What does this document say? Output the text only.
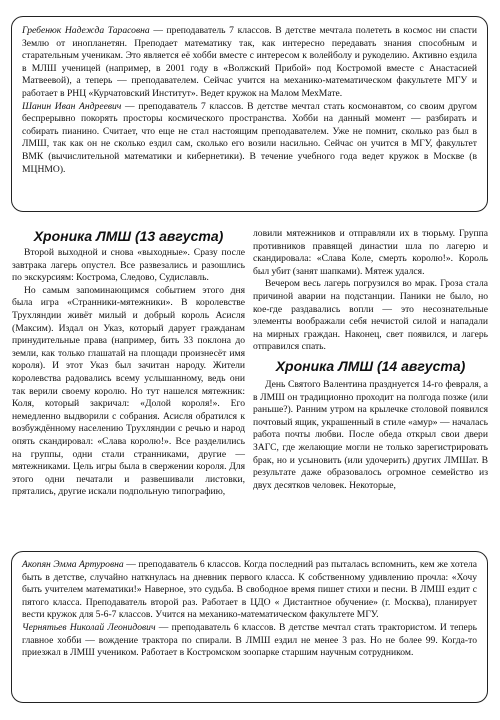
Гребенюк Надежда Тарасовна — преподаватель 7 классов. В детстве мечтала полететь в космос ни спасти Землю от инопланетян. Преподает математику так, как интересно передавать знания способным и старательным ученикам. Это является её хобби вместе с интересом к волейболу и рукоделию. Активно ездила в МЛШ ученицей (например, в 2001 году в «Волжский Прибой» под Костромой вместе с Анастасией Матвеевой), а теперь — преподавателем. Сейчас учится на механико-математическом факультете МГУ и работает в РНЦ «Курчатовский Институт». Ведет кружок на Малом МехМате.

Шанин Иван Андреевич — преподаватель 7 классов. В детстве мечтал стать космонавтом, со своим другом беспрерывно покорять просторы космического пространства. Хобби на данный момент — разбирать и собирать пианино. Считает, что еще не стал настоящим преподавателем. Уже не помнит, сколько раз был в ЛМШ, так как он не сколько ездил сам, сколько его возили насильно. Сейчас он учится в МГУ, факультет ВМК (вычислительной математики и кибернетики). В течение учебного года ведет кружок в Москве (в МЦНМО).

Хроника ЛМШ (13 августа)

Второй выходной и снова «выходные». Сразу после завтрака лагерь опустел. Все развезались и разошлись по экскурсиям: Кострома, Следово, Судиславль.

Но самым запоминающимся событием этого дня была игра «Странники-мятежники». В королевстве Трухляндии живёт милый и добрый король Асисля (Максим). Издал он Указ, который дарует гражданам принудительные права (например, бить 33 поклона до земли, как только глашатай на площади произнесёт имя короля). И этот Указ был зачитан народу. Жители королевства радовались всему услышанному, ведь они так верили своему королю. Но тут нашелся мятежник: Коля, который закричал: «Долой короля!». Его немедленно выдворили с собрания. Асисля обратился к возбуждённому населению Трухляндии с речью и народ опять скандировал: «Слава королю!». Все разделились на группы, одни стали странниками, другие — мятежниками. Цель игры была в свержении короля. Для этого одни печатали и развешивали листовки, прятались, другие искали подпольную типографию,

ловили мятежников и отправляли их в тюрьму. Группа противников правящей династии шла по лагерю и скандировала: «Слава Коле, смерть королю!». Король был убит (занят шапками). Мятеж удался.

Вечером весь лагерь погрузился во мрак. Гроза стала причиной аварии на подстанции. Паники не было, но кое-где раздавались вопли — это несознательные элементы воображали себя нечистой силой и нападали на мирных граждан. Наконец, свет появился, и лагерь отправился спать.

Хроника ЛМШ (14 августа)

День Святого Валентина празднуется 14-го февраля, а в ЛМШ он традиционно проходит на полгода позже (или раньше?). Ранним утром на крылечке столовой появился почтовый ящик, украшенный в стиле «амур» — началась работа почты любви. После обеда открыл свои двери ЗАГС, где желающие могли не только зарегистрировать брак, но и усыновить (или удочерить) других ЛМШат. В результате даже образовалось огромное семейство из двух десятков человек. Некоторые,

Акопян Эмма Артуровна — преподаватель 6 классов. Когда последний раз пыталась вспомнить, кем же хотела быть в детстве, случайно наткнулась на дневник первого класса. К собственному удивлению прочла: «Хочу быть учителем математики!» Наверное, это судьба. В свободное время пишет стихи и песни. В ЛМШ ездит с пятого класса. Преподаватель второй раз. Работает в ЦДО « Дистантное обучение» (г. Москва), планирует вести кружок для 5-6-7 классов. Учится на механико-математическом факультете МГУ.

Чернятьев Николай Леонидович — преподаватель 6 классов. В детстве мечтал стать трактористом. И теперь главное хобби — вождение трактора по спирали. В ЛМШ ездил не менее 3 раз. Но не более 99. Когда-то приезжал в ЛМШ учеником. Работает в Костромском зоопарке старшим научным сотрудником.
